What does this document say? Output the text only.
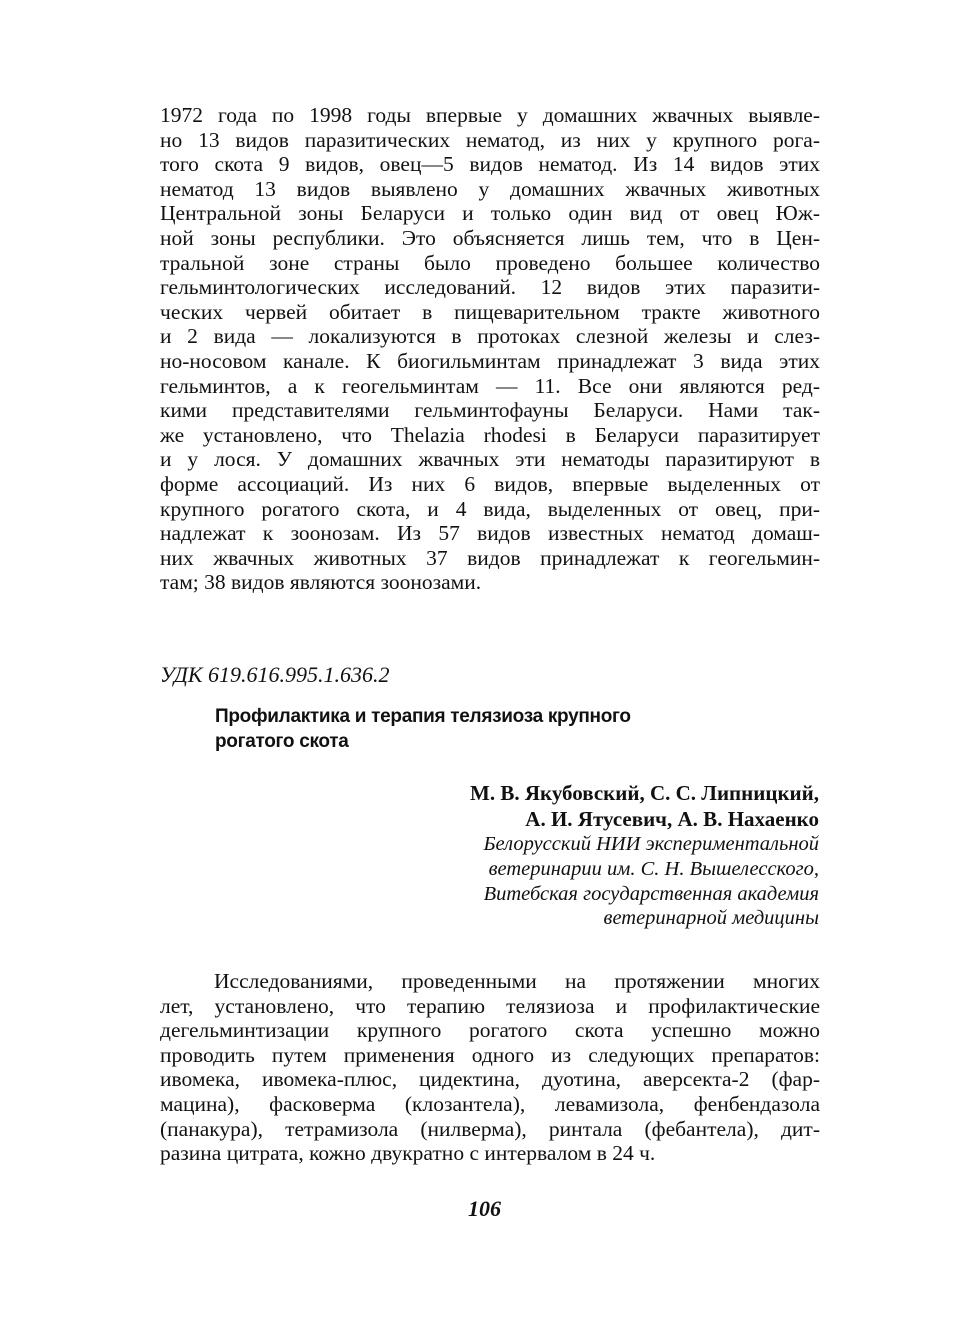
1972 года по 1998 годы впервые у домашних жвачных выявле-
но 13 видов паразитических нематод, из них у крупного рога-
того скота 9 видов, овец—5 видов нематод. Из 14 видов этих
нематод 13 видов выявлено у домашних жвачных животных
Центральной зоны Беларуси и только один вид от овец Юж-
ной зоны республики. Это объясняется лишь тем, что в Цен-
тральной зоне страны было проведено большее количество
гельминтологических исследований. 12 видов этих паразити-
ческих червей обитает в пищеварительном тракте животного
и 2 вида — локализуются в протоках слезной железы и слез-
но-носовом канале. К биогильминтам принадлежат 3 вида этих
гельминтов, а к геогельминтам — 11. Все они являются ред-
кими представителями гельминтофауны Беларуси. Нами так-
же установлено, что Thelazia rhodesi в Беларуси паразитирует
и у лося. У домашних жвачных эти нематоды паразитируют в
форме ассоциаций. Из них 6 видов, впервые выделенных от
крупного рогатого скота, и 4 вида, выделенных от овец, при-
надлежат к зоонозам. Из 57 видов известных нематод домаш-
них жвачных животных 37 видов принадлежат к геогельмин-
там; 38 видов являются зоонозами.
УДК 619.616.995.1.636.2
Профилактика и терапия телязиоза крупного
рогатого скота
М. В. Якубовский, С. С. Липницкий,
А. И. Ятусевич, А. В. Нахаенко
Белорусский НИИ экспериментальной
ветеринарии им. С. Н. Вышелесского,
Витебская государственная академия
ветеринарной медицины
Исследованиями, проведенными на протяжении многих
лет, установлено, что терапию телязиоза и профилактические
дегельминтизации крупного рогатого скота успешно можно
проводить путем применения одного из следующих препаратов:
ивомека, ивомека-плюс, цидектина, дуотина, аверсекта-2 (фар-
мацина), фасковерма (клозантела), левамизола, фенбендазола
(панакура), тетрамизола (нилверма), ринтала (фебантела), дит-
разина цитрата, кожно двукратно с интервалом в 24 ч.
106
